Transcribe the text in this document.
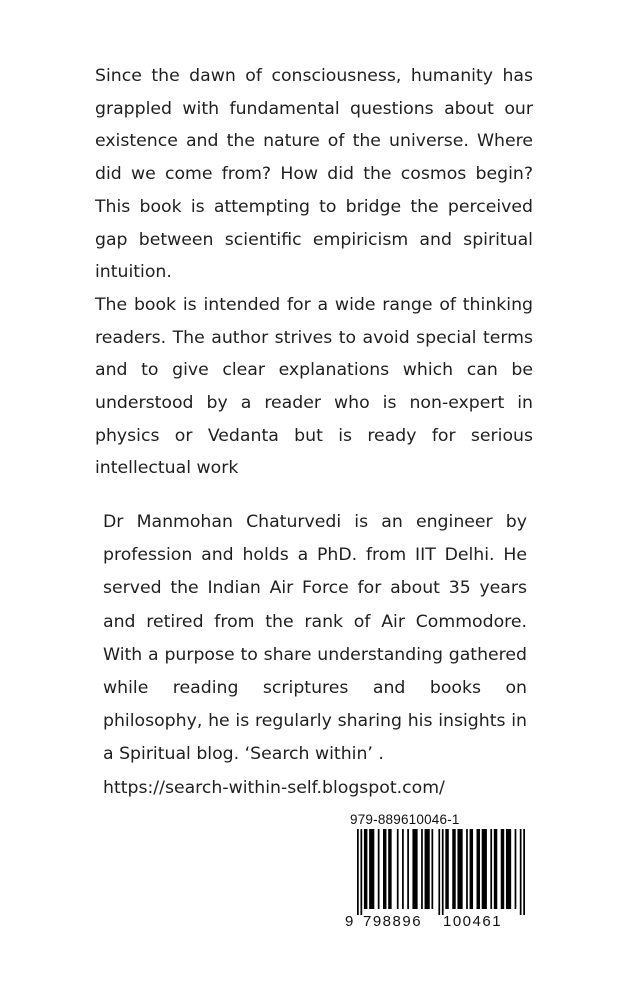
Since the dawn of consciousness, humanity has grappled with fundamental questions about our existence and the nature of the universe. Where did we come from? How did the cosmos begin? This book is attempting to bridge the perceived gap between scientific empiricism and spiritual intuition.

The book is intended for a wide range of thinking readers. The author strives to avoid special terms and to give clear explanations which can be understood by a reader who is non-expert in physics or Vedanta but is ready for serious intellectual work

Dr Manmohan Chaturvedi is an engineer by profession and holds a PhD. from IIT Delhi. He served the Indian Air Force for about 35 years and retired from the rank of Air Commodore. With a purpose to share understanding gathered while reading scriptures and books on philosophy, he is regularly sharing his insights in a Spiritual blog. ‘Search within’ .

https://search-within-self.blogspot.com/

979-889610046-1
9 798896 100461
